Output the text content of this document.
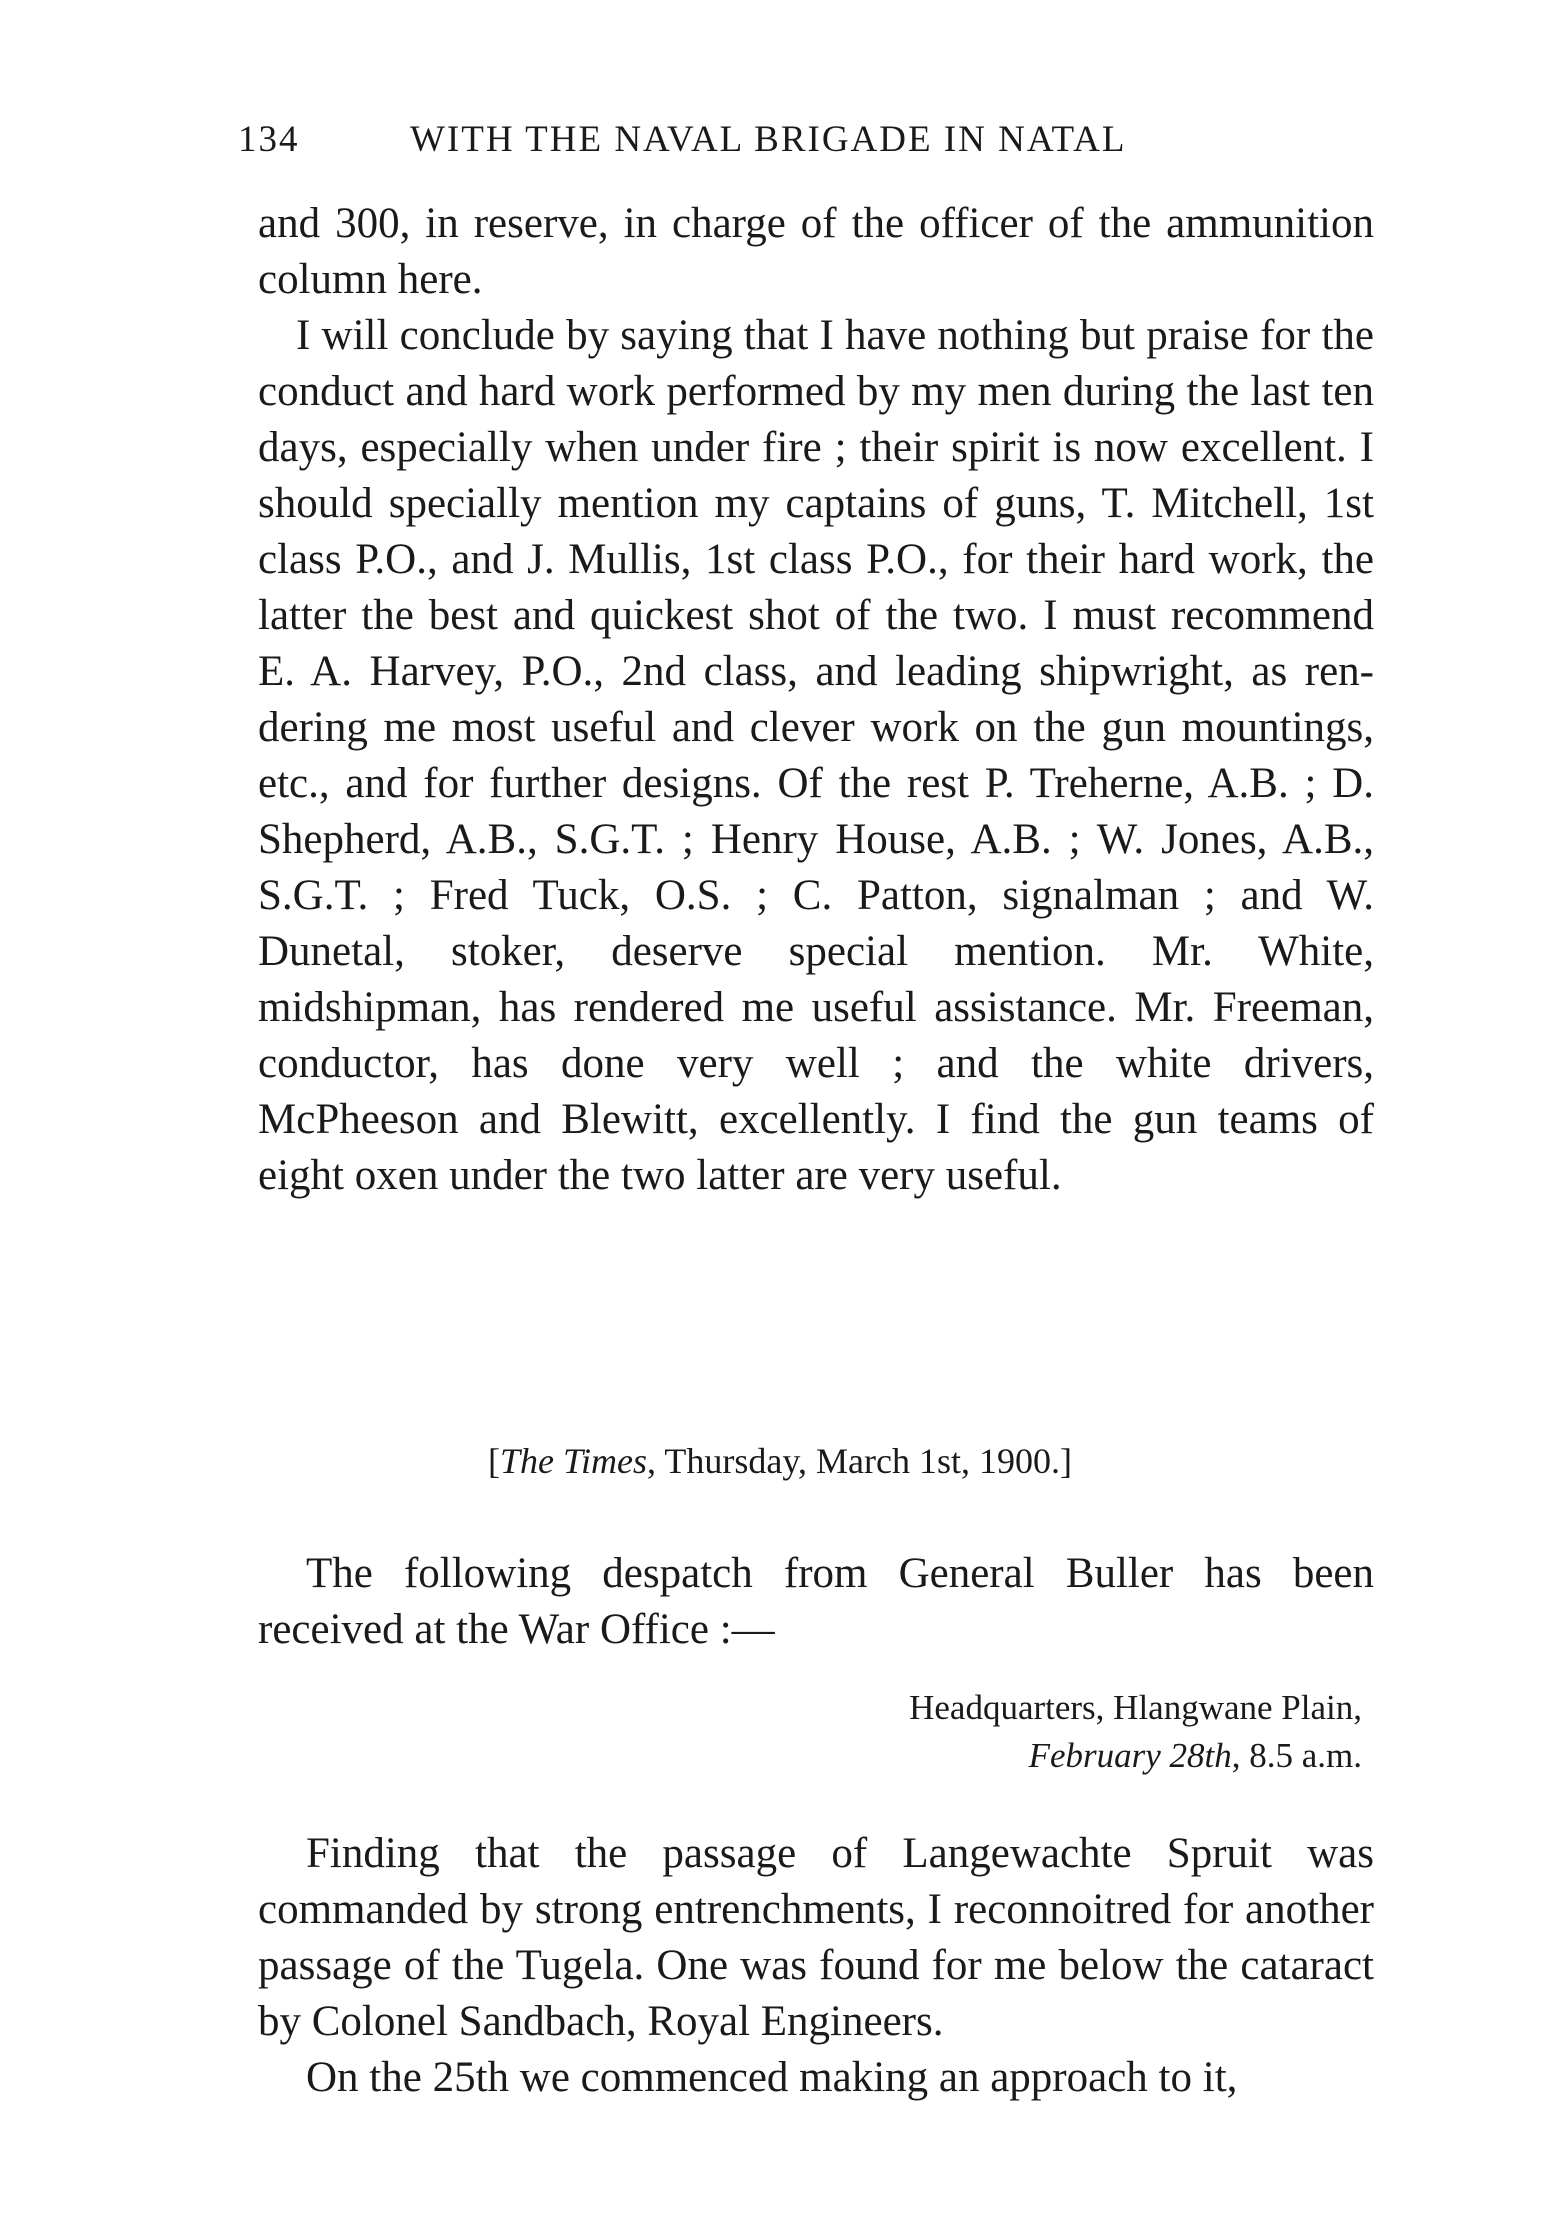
134	WITH THE NAVAL BRIGADE IN NATAL

and 300, in reserve, in charge of the officer of the ammunition column here.

I will conclude by saying that I have nothing but praise for the conduct and hard work performed by my men during the last ten days, especially when under fire ; their spirit is now excellent. I should specially mention my captains of guns, T. Mitchell, 1st class P.O., and J. Mullis, 1st class P.O., for their hard work, the latter the best and quickest shot of the two. I must recommend E. A. Harvey, P.O., 2nd class, and leading shipwright, as rendering me most useful and clever work on the gun mountings, etc., and for further designs. Of the rest P. Treherne, A.B. ; D. Shepherd, A.B., S.G.T. ; Henry House, A.B. ; W. Jones, A.B., S.G.T. ; Fred Tuck, O.S. ; C. Patton, signalman ; and W. Dunetal, stoker, deserve special mention. Mr. White, midshipman, has rendered me useful assistance. Mr. Freeman, conductor, has done very well ; and the white drivers, McPheeson and Blewitt, excellently. I find the gun teams of eight oxen under the two latter are very useful.

[The Times, Thursday, March 1st, 1900.]

The following despatch from General Buller has been received at the War Office :—

Headquarters, Hlangwane Plain,
February 28th, 8.5 a.m.

Finding that the passage of Langewachte Spruit was commanded by strong entrenchments, I reconnoitred for another passage of the Tugela. One was found for me below the cataract by Colonel Sandbach, Royal Engineers.

On the 25th we commenced making an approach to it,
